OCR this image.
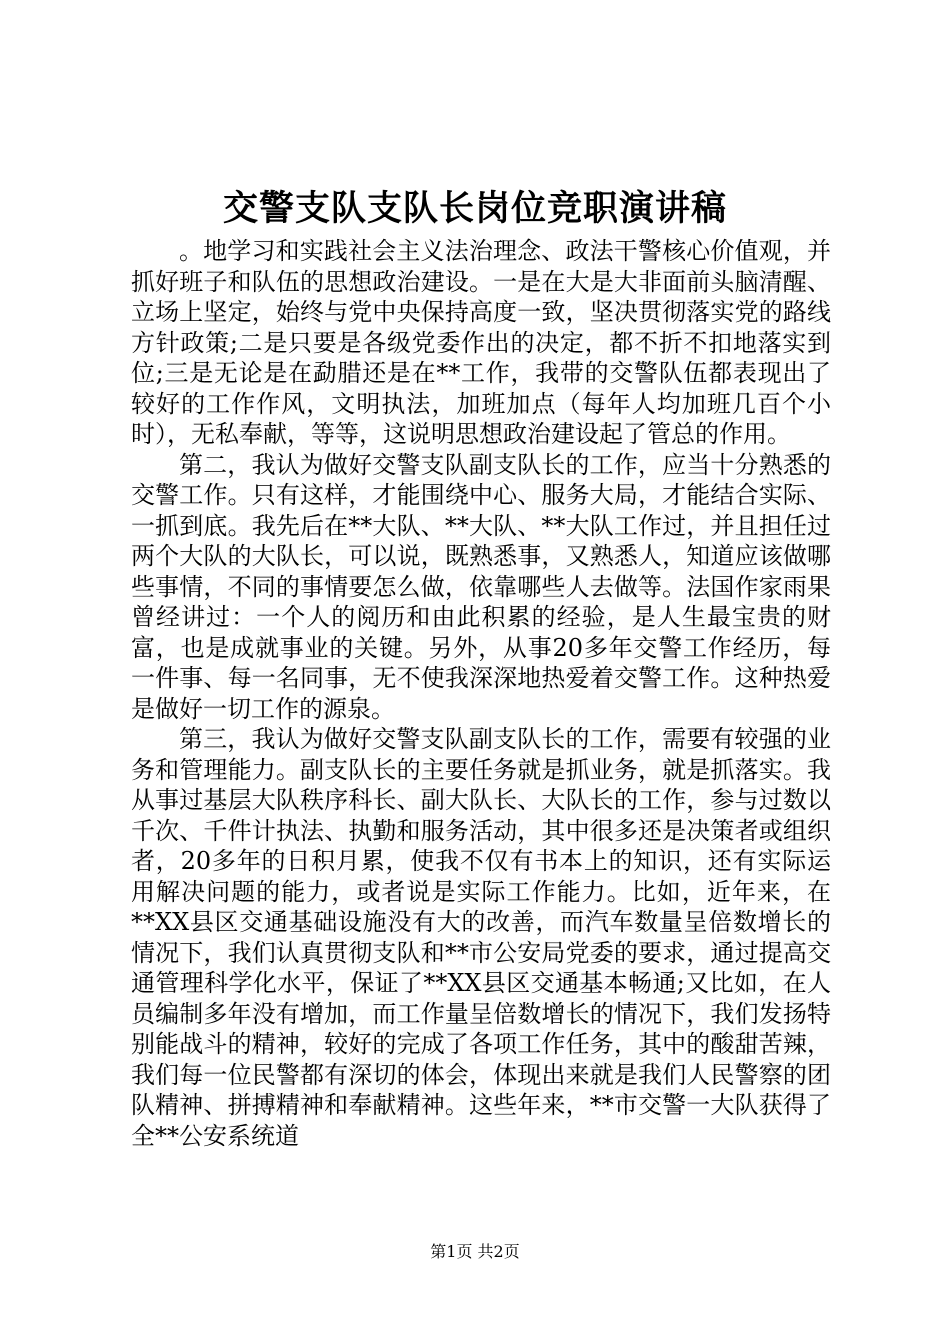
交警支队支队长岗位竞职演讲稿

。地学习和实践社会主义法治理念、政法干警核心价值观，并抓好班子和队伍的思想政治建设。一是在大是大非面前头脑清醒、立场上坚定，始终与党中央保持高度一致，坚决贯彻落实党的路线方针政策;二是只要是各级党委作出的决定，都不折不扣地落实到位;三是无论是在勐腊还是在**工作，我带的交警队伍都表现出了较好的工作作风，文明执法，加班加点（每年人均加班几百个小时），无私奉献，等等，这说明思想政治建设起了管总的作用。

第二，我认为做好交警支队副支队长的工作，应当十分熟悉的交警工作。只有这样，才能围绕中心、服务大局，才能结合实际、一抓到底。我先后在**大队、**大队、**大队工作过，并且担任过两个大队的大队长，可以说，既熟悉事，又熟悉人，知道应该做哪些事情，不同的事情要怎么做，依靠哪些人去做等。法国作家雨果曾经讲过：一个人的阅历和由此积累的经验，是人生最宝贵的财富，也是成就事业的关键。另外，从事20多年交警工作经历，每一件事、每一名同事，无不使我深深地热爱着交警工作。这种热爱是做好一切工作的源泉。

第三，我认为做好交警支队副支队长的工作，需要有较强的业务和管理能力。副支队长的主要任务就是抓业务，就是抓落实。我从事过基层大队秩序科长、副大队长、大队长的工作，参与过数以千次、千件计执法、执勤和服务活动，其中很多还是决策者或组织者，20多年的日积月累，使我不仅有书本上的知识，还有实际运用解决问题的能力，或者说是实际工作能力。比如，近年来，在**XX县区交通基础设施没有大的改善，而汽车数量呈倍数增长的情况下，我们认真贯彻支队和**市公安局党委的要求，通过提高交通管理科学化水平，保证了**XX县区交通基本畅通;又比如，在人员编制多年没有增加，而工作量呈倍数增长的情况下，我们发扬特别能战斗的精神，较好的完成了各项工作任务，其中的酸甜苦辣，我们每一位民警都有深切的体会，体现出来就是我们人民警察的团队精神、拼搏精神和奉献精神。这些年来，**市交警一大队获得了全**公安系统道

第1页 共2页
